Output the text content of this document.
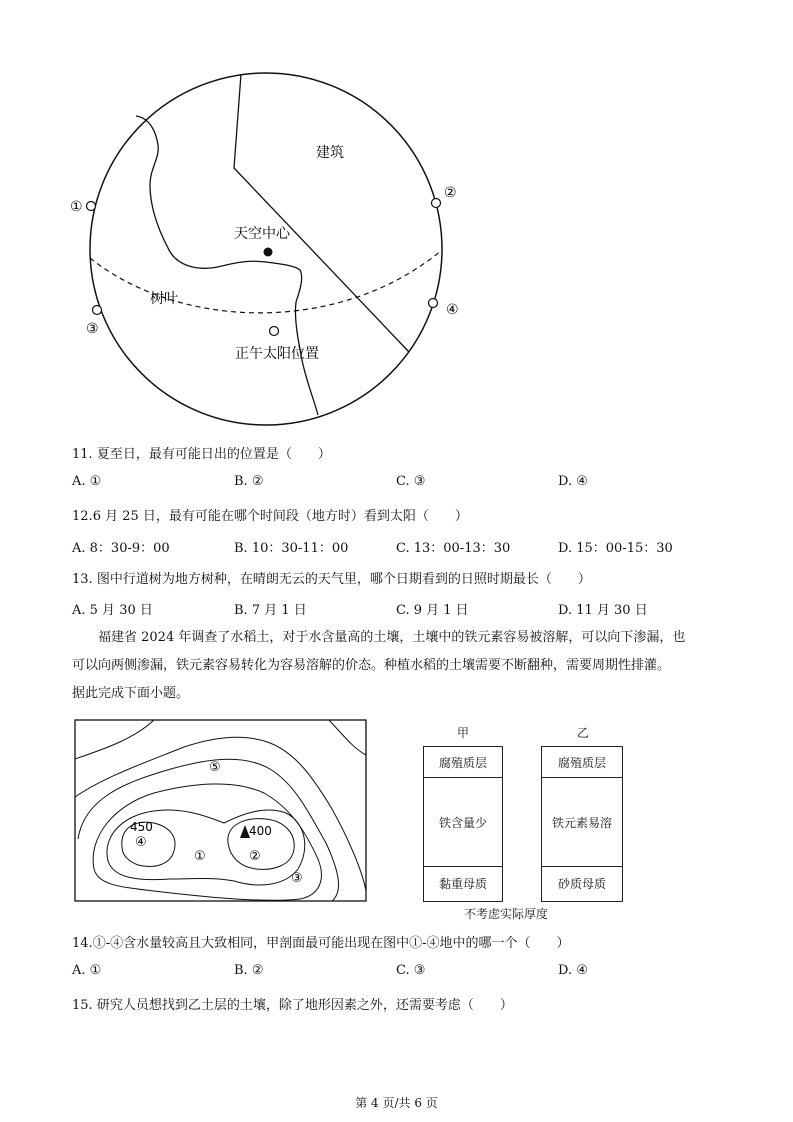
①
②
③
④
建筑
天空中心
树叶
正午太阳位置
11. 夏至日，最有可能日出的位置是（　　）
A. ①	B. ②	C. ③	D. ④
12.6 月 25 日，最有可能在哪个时间段（地方时）看到太阳（　　）
A. 8：30-9：00	B. 10：30-11：00	C. 13：00-13：30	D. 15：00-15：30
13. 图中行道树为地方树种，在晴朗无云的天气里，哪个日期看到的日照时期最长（　　）
A. 5 月 30 日	B. 7 月 1 日	C. 9 月 1 日	D. 11 月 30 日

福建省 2024 年调查了水稻土，对于水含量高的土壤，土壤中的铁元素容易被溶解，可以向下渗漏，也

可以向两侧渗漏，铁元素容易转化为容易溶解的价态。种植水稻的土壤需要不断翻种，需要周期性排灌。
据此完成下面小题。
400
450
①	②
③
④
⑤
甲	乙
腐殖质层
铁含量少
黏重母质
腐殖质层
铁元素易溶
砂质母质
不考虑实际厚度
14.①-④含水量较高且大致相同，甲剖面最可能出现在图中①-④地中的哪一个（　　）
A. ①	B. ②	C. ③	D. ④
15. 研究人员想找到乙土层的土壤，除了地形因素之外，还需要考虑（　　）
第 4 页/共 6 页
